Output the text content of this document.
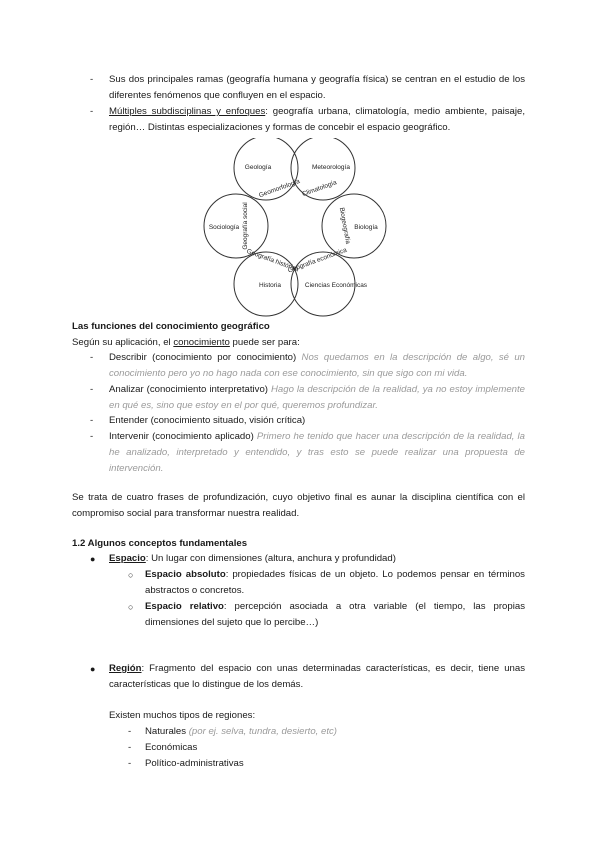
- Sus dos principales ramas (geografía humana y geografía física) se centran en el estudio de los diferentes fenómenos que confluyen en el espacio.
- Múltiples subdisciplinas y enfoques: geografía urbana, climatología, medio ambiente, paisaje, región… Distintas especializaciones y formas de concebir el espacio geográfico.
Geología	Meteorología
Biología
Ciencias Económicas
Historia
Sociología
Geomorfología Climatología
Biogeografía
Geografía económica
Geografía histórica
Geografía social
Las funciones del conocimiento geográfico
Según su aplicación, el conocimiento puede ser para:
- Describir (conocimiento por conocimiento) Nos quedamos en la descripción de algo, sé un conocimiento pero yo no hago nada con ese conocimiento, sin que sigo con mi vida.
- Analizar (conocimiento interpretativo) Hago la descripción de la realidad, ya no estoy implemente en qué es, sino que estoy en el por qué, queremos profundizar.
- Entender (conocimiento situado, visión crítica)
- Intervenir (conocimiento aplicado) Primero he tenido que hacer una descripción de la realidad, la he analizado, interpretado y entendido, y tras esto se puede realizar una propuesta de intervención.
Se trata de cuatro frases de profundización, cuyo objetivo final es aunar la disciplina científica con el compromiso social para transformar nuestra realidad.
1.2 Algunos conceptos fundamentales
● Espacio: Un lugar con dimensiones (altura, anchura y profundidad)
○ Espacio absoluto: propiedades físicas de un objeto. Lo podemos pensar en términos abstractos o concretos.
○ Espacio relativo: percepción asociada a otra variable (el tiempo, las propias dimensiones del sujeto que lo percibe…)
● Región: Fragmento del espacio con unas determinadas características, es decir, tiene unas características que lo distingue de los demás.
Existen muchos tipos de regiones:
- Naturales (por ej. selva, tundra, desierto, etc)
- Económicas
- Político-administrativas
